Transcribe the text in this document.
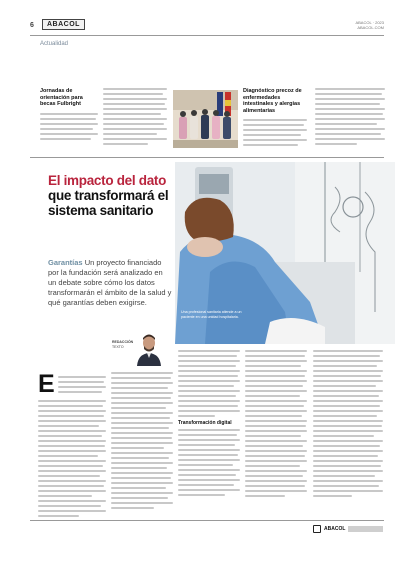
6	ABACOL	ABACOL · 2023
ABACOL.COM
Actualidad
Jornadas de orientación para becas Fulbright
Diagnóstico precoz de enfermedades intestinales y alergias alimentarias
El impacto del dato que transformará el sistema sanitario
Garantías Un proyecto financiado por la fundación será analizado en un debate sobre cómo los datos transformarán el ámbito de la salud y qué garantías deben exigirse.
REDACCIÓN
TEXTO
Una profesional sanitaria atiende a un paciente en una unidad hospitalaria.
E
Transformación digital
ABACOL
